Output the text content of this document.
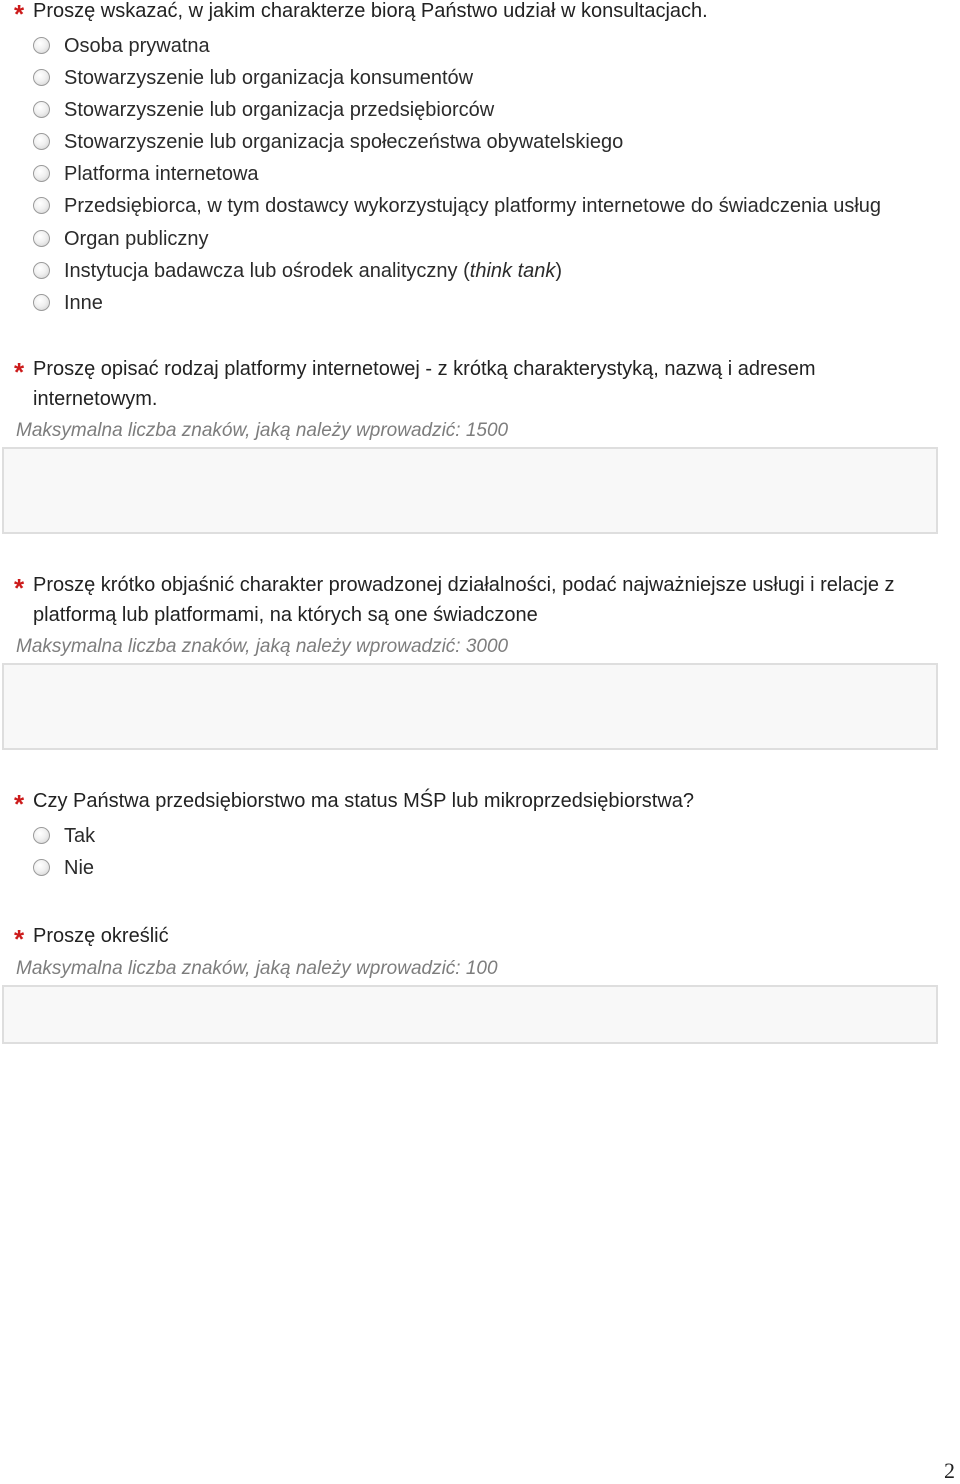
* Proszę wskazać, w jakim charakterze biorą Państwo udział w konsultacjach.
Osoba prywatna
Stowarzyszenie lub organizacja konsumentów
Stowarzyszenie lub organizacja przedsiębiorców
Stowarzyszenie lub organizacja społeczeństwa obywatelskiego
Platforma internetowa
Przedsiębiorca, w tym dostawcy wykorzystujący platformy internetowe do świadczenia usług
Organ publiczny
Instytucja badawcza lub ośrodek analityczny (think tank)
Inne
* Proszę opisać rodzaj platformy internetowej - z krótką charakterystyką, nazwą i adresem internetowym.
Maksymalna liczba znaków, jaką należy wprowadzić: 1500
* Proszę krótko objaśnić charakter prowadzonej działalności, podać najważniejsze usługi i relacje z platformą lub platformami, na których są one świadczone
Maksymalna liczba znaków, jaką należy wprowadzić: 3000
* Czy Państwa przedsiębiorstwo ma status MŚP lub mikroprzedsiębiorstwa?
Tak
Nie
* Proszę określić
Maksymalna liczba znaków, jaką należy wprowadzić: 100
2
